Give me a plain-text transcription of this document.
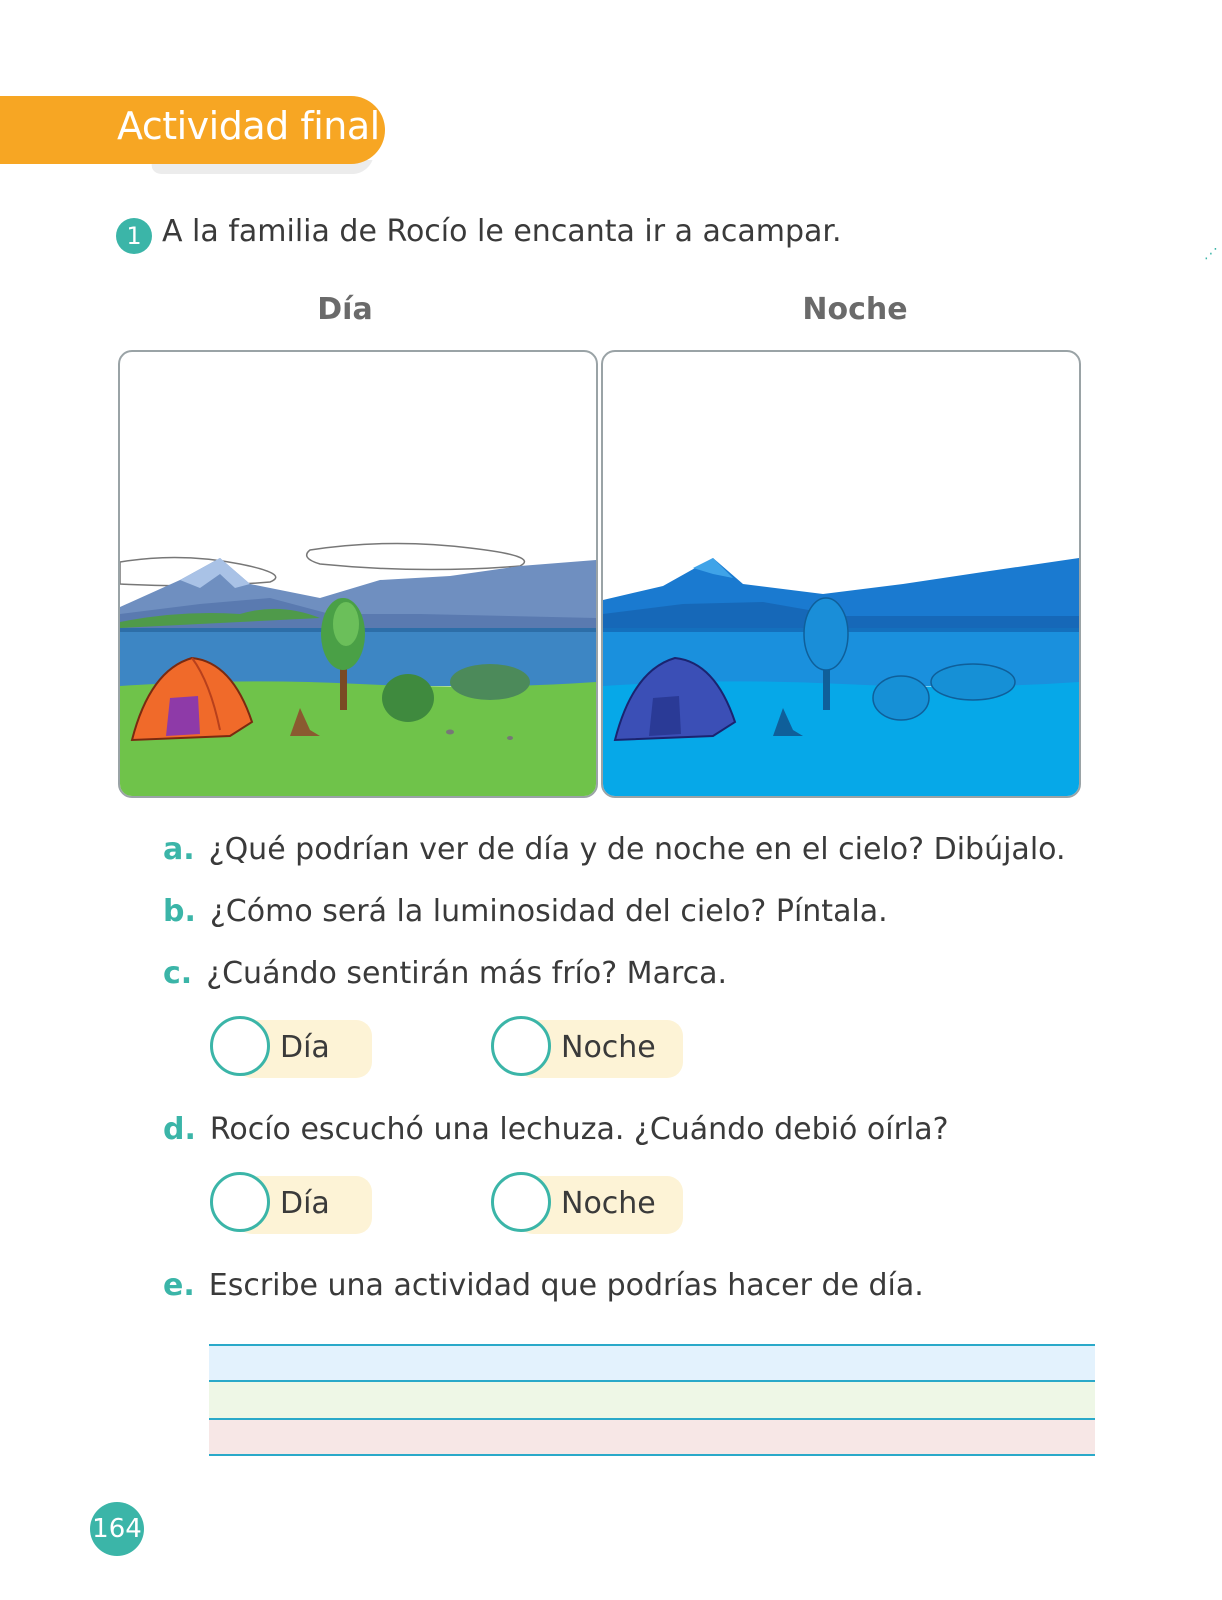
Actividad final
1 A la familia de Rocío le encanta ir a acampar.
⋰
Día	Noche
a. ¿Qué podrían ver de día y de noche en el cielo? Dibújalo.
b. ¿Cómo será la luminosidad del cielo? Píntala.
c. ¿Cuándo sentirán más frío? Marca.
Día	Noche
d. Rocío escuchó una lechuza. ¿Cuándo debió oírla?
Día	Noche
e. Escribe una actividad que podrías hacer de día.
164
